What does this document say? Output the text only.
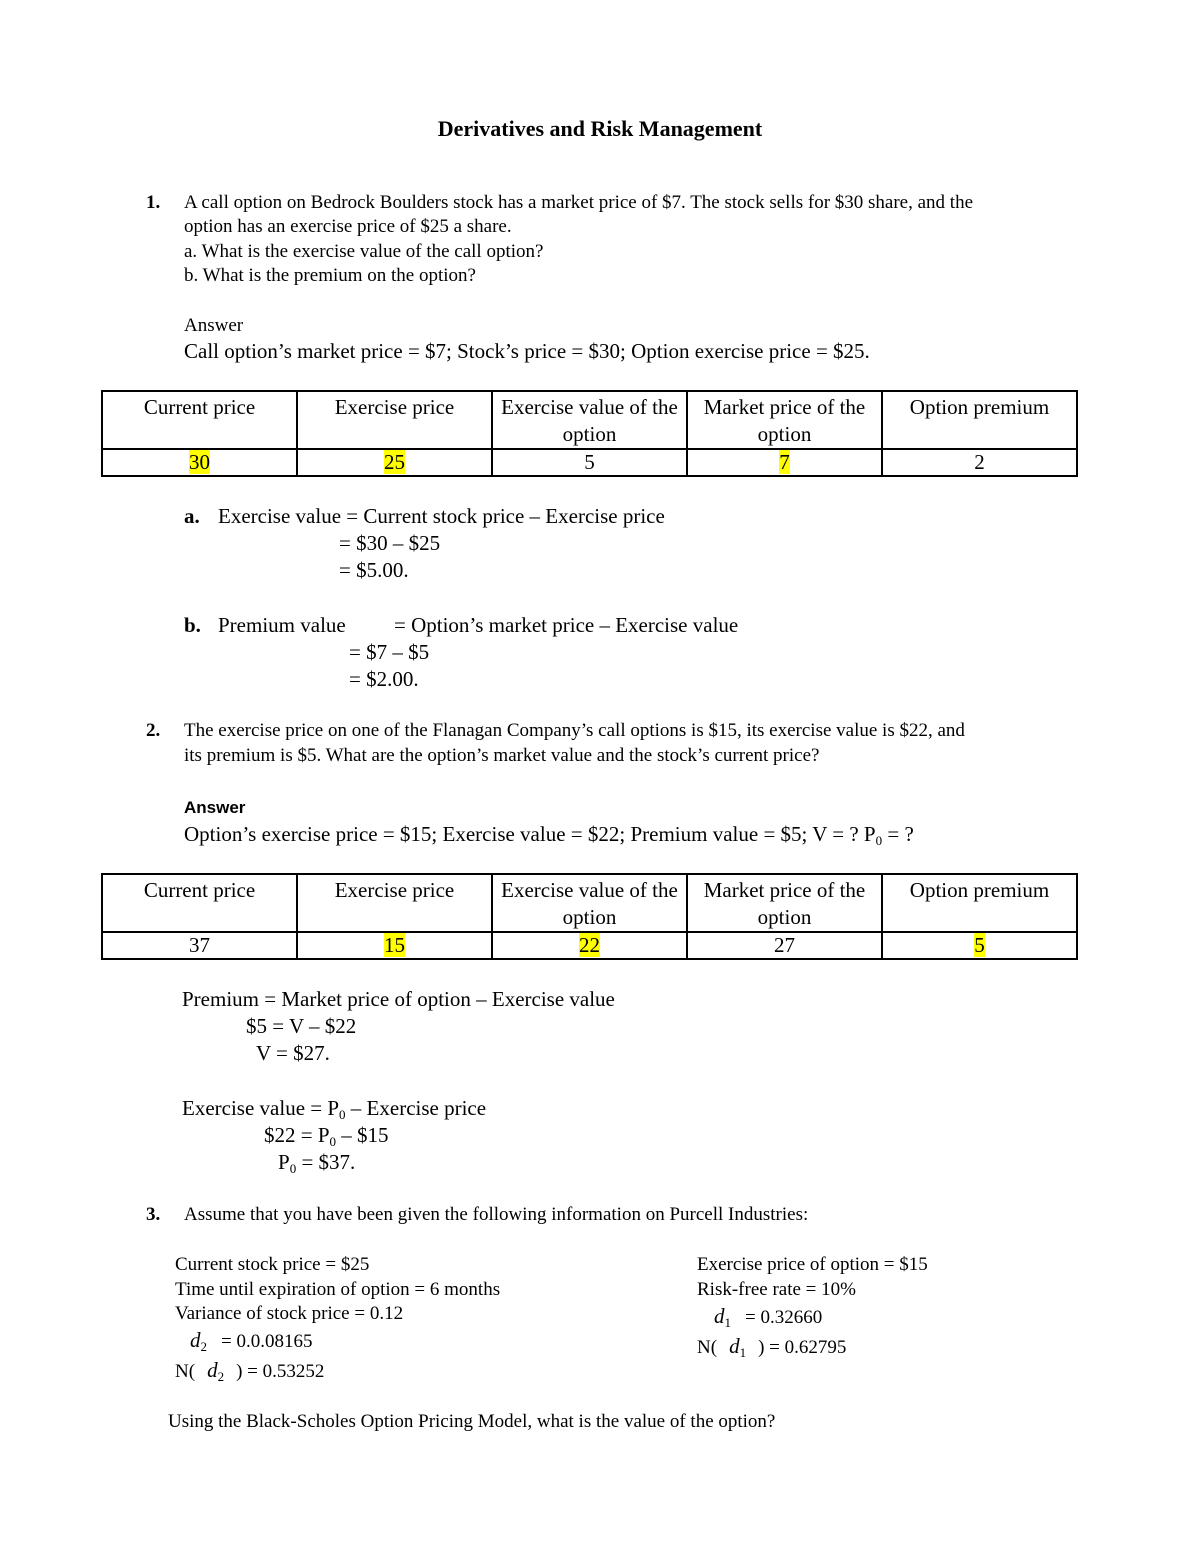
Derivatives and Risk Management
1. A call option on Bedrock Boulders stock has a market price of $7. The stock sells for $30 share, and the
option has an exercise price of $25 a share.
a. What is the exercise value of the call option?
b. What is the premium on the option?
Answer
Call option’s market price = $7; Stock’s price = $30; Option exercise price = $25.
Current price	Exercise price	Exercise value of the option	Market price of the option	Option premium
30	25	5	7	2
a. Exercise value = Current stock price – Exercise price
= $30 – $25
= $5.00.
b. Premium value = Option’s market price – Exercise value
= $7 – $5
= $2.00.
2. The exercise price on one of the Flanagan Company’s call options is $15, its exercise value is $22, and
its premium is $5. What are the option’s market value and the stock’s current price?
Answer
Option’s exercise price = $15; Exercise value = $22; Premium value = $5; V = ? P0 = ?
Current price	Exercise price	Exercise value of the option	Market price of the option	Option premium
37	15	22	27	5
Premium = Market price of option – Exercise value
$5 = V – $22
V = $27.
Exercise value = P0 – Exercise price
$22 = P0 – $15
P0 = $37.
3. Assume that you have been given the following information on Purcell Industries:
Current stock price = $25
Time until expiration of option = 6 months
Variance of stock price = 0.12
$d_2 = 0.0.08165$
N( $d_2$ ) = 0.53252
Exercise price of option = $15
Risk-free rate = 10%
$d_1 = 0.32660$
N( $d_1$ ) = 0.62795
Using the Black-Scholes Option Pricing Model, what is the value of the option?
